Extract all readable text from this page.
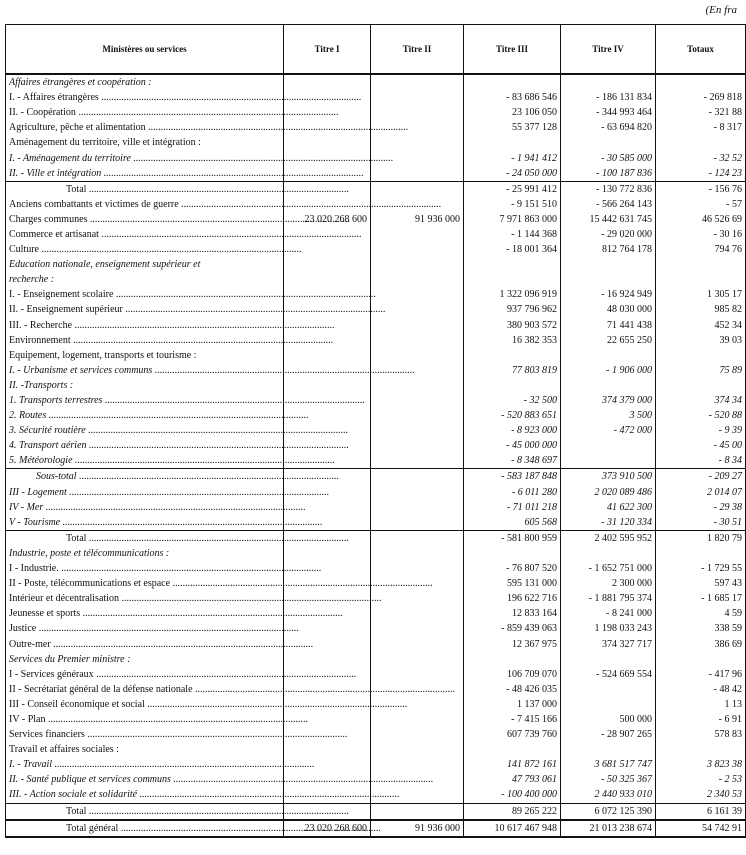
(En fra
Ministères ou services	Titre I	Titre II	Titre III	Titre IV	Totaux
Affaires étrangères et coopération :					
I. - Affaires étrangères .....			- 83 686 546	- 186 131 834	- 269 818
II. - Coopération .....			23 106 050	- 344 993 464	- 321 88
Agriculture, pêche et alimentation .....			55 377 128	- 63 694 820	- 8 317
Aménagement du territoire, ville et intégration :					
I. - Aménagement du territoire .....			- 1 941 412	- 30 585 000	- 32 52
II. - Ville et intégration .....			- 24 050 000	- 100 187 836	- 124 23
Total .....			- 25 991 412	- 130 772 836	- 156 76
Anciens combattants et victimes de guerre .....			- 9 151 510	- 566 264 143	- 57
Charges communes .....	23 020 268 600	91 936 000	7 971 863 000	15 442 631 745	46 526 69
Commerce et artisanat .....			- 1 144 368	- 29 020 000	- 30 16
Culture .....			- 18 001 364	812 764 178	794 76
Education nationale, enseignement supérieur et					
recherche :					
I. - Enseignement scolaire .....			1 322 096 919	- 16 924 949	1 305 17
II. - Enseignement supérieur .....			937 796 962	48 030 000	985 82
III. - Recherche .....			380 903 572	71 441 438	452 34
Environnement .....			16 382 353	22 655 250	39 03
Equipement, logement, transports et tourisme :					
I. - Urbanisme et services communs .....			77 803 819	- 1 906 000	75 89
II. -Transports :					
1. Transports terrestres .....			- 32 500	374 379 000	374 34
2. Routes .....			- 520 883 651	3 500	- 520 88
3. Sécurité routière .....			- 8 923 000	- 472 000	- 9 39
4. Transport aérien .....			- 45 000 000		- 45 00
5. Météorologie .....			- 8 348 697		- 8 34
Sous-total .....			- 583 187 848	373 910 500	- 209 27
III - Logement .....			- 6 011 280	2 020 089 486	2 014 07
IV - Mer .....			- 71 011 218	41 622 300	- 29 38
V - Tourisme .....			605 568	- 31 120 334	- 30 51
Total .....			- 581 800 959	2 402 595 952	1 820 79
Industrie, poste et télécommunications :					
I - Industrie. .....			- 76 807 520	- 1 652 751 000	- 1 729 55
II - Poste, télécommunications et espace .....			595 131 000	2 300 000	597 43
Intérieur et décentralisation .....			196 622 716	- 1 881 795 374	- 1 685 17
Jeunesse et sports .....			12 833 164	- 8 241 000	4 59
Justice .....			- 859 439 063	1 198 033 243	338 59
Outre-mer .....			12 367 975	374 327 717	386 69
Services du Premier ministre :					
I - Services généraux .....			106 709 070	- 524 669 554	- 417 96
II - Secrétariat général de la défense nationale .....			- 48 426 035		- 48 42
III - Conseil économique et social .....			1 137 000		1 13
IV - Plan .....			- 7 415 166	500 000	- 6 91
Services financiers .....			607 739 760	- 28 907 265	578 83
Travail et affaires sociales :					
I. - Travail .....			141 872 161	3 681 517 747	3 823 38
II. - Santé publique et services communs .....			47 793 061	- 50 325 367	- 2 53
III. - Action sociale et solidarité .....			- 100 400 000	2 440 933 010	2 340 53
Total .....			89 265 222	6 072 125 390	6 161 39
Total général .....	23 020 268 600	91 936 000	10 617 467 948	21 013 238 674	54 742 91
